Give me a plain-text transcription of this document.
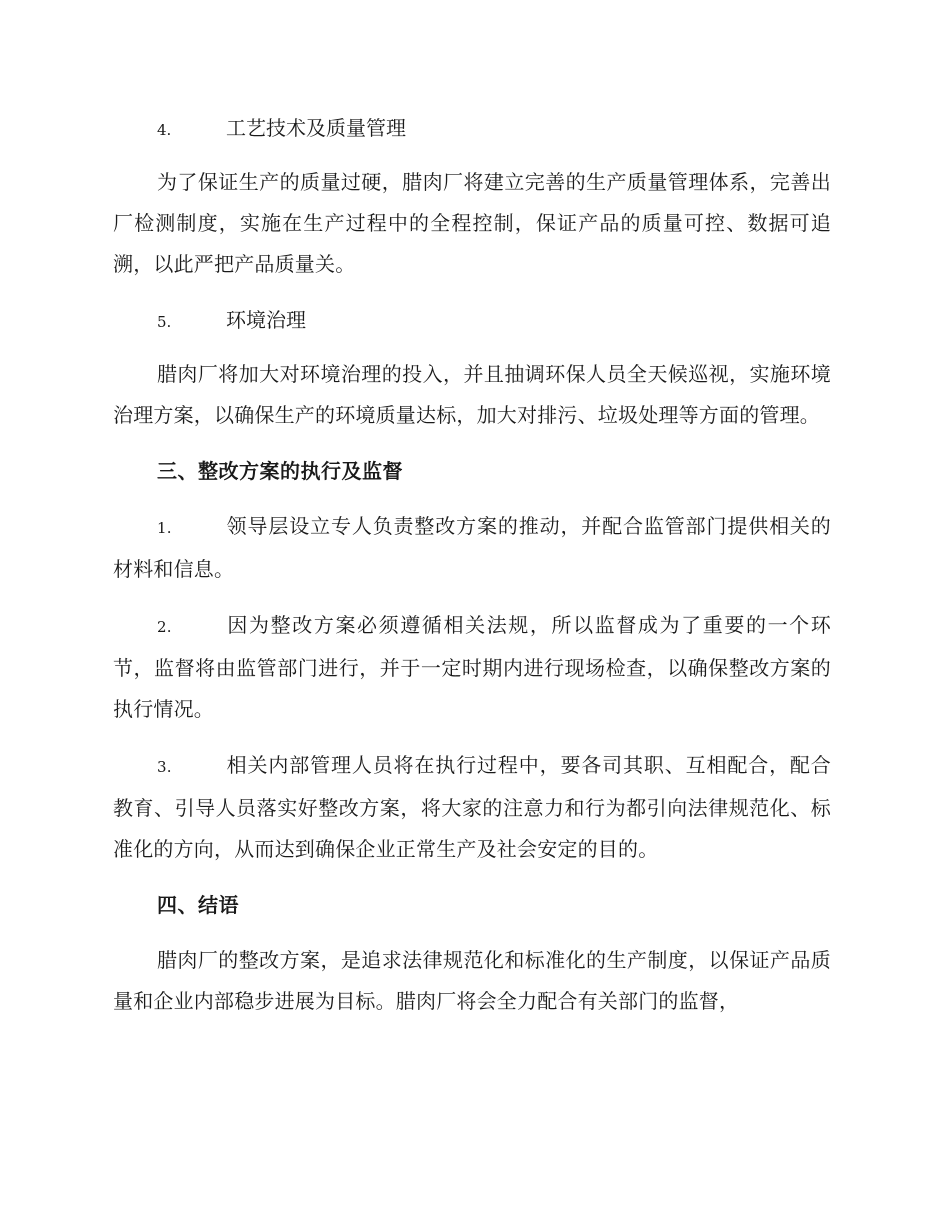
4.	工艺技术及质量管理
为了保证生产的质量过硬，腊肉厂将建立完善的生产质量管理体系，完善出厂检测制度，实施在生产过程中的全程控制，保证产品的质量可控、数据可追溯，以此严把产品质量关。
5.	环境治理
腊肉厂将加大对环境治理的投入，并且抽调环保人员全天候巡视，实施环境治理方案，以确保生产的环境质量达标，加大对排污、垃圾处理等方面的管理。
三、整改方案的执行及监督
1.	领导层设立专人负责整改方案的推动，并配合监管部门提供相关的材料和信息。
2.	因为整改方案必须遵循相关法规，所以监督成为了重要的一个环节，监督将由监管部门进行，并于一定时期内进行现场检查，以确保整改方案的执行情况。
3.	相关内部管理人员将在执行过程中，要各司其职、互相配合，配合教育、引导人员落实好整改方案，将大家的注意力和行为都引向法律规范化、标准化的方向，从而达到确保企业正常生产及社会安定的目的。
四、结语
腊肉厂的整改方案，是追求法律规范化和标准化的生产制度，以保证产品质量和企业内部稳步进展为目标。腊肉厂将会全力配合有关部门的监督，
